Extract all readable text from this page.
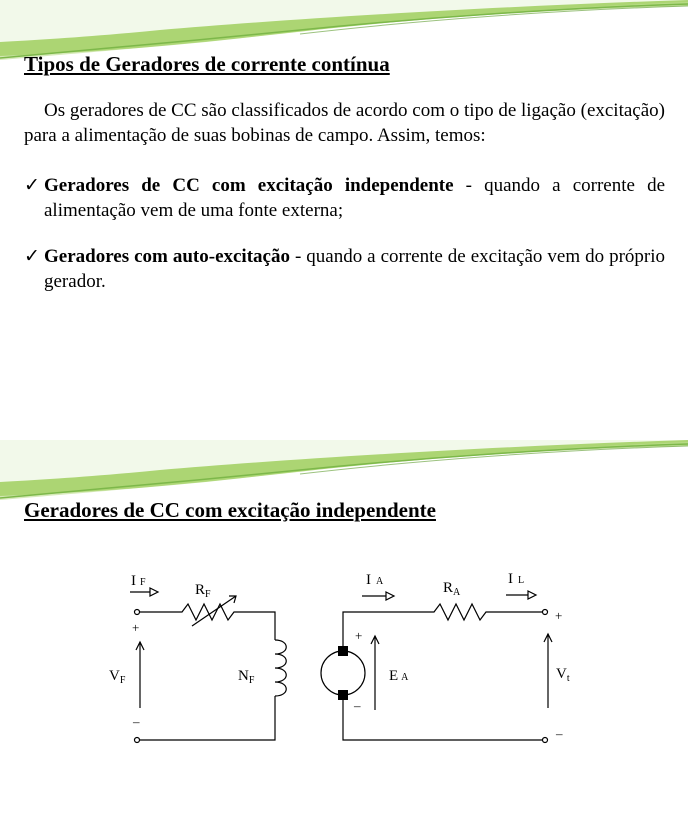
Tipos de Geradores de corrente contínua

Os geradores de CC são classificados de acordo com o tipo de ligação (excitação) para a alimentação de suas bobinas de campo. Assim, temos:

✓ Geradores de CC com excitação independente - quando a corrente de alimentação vem de uma fonte externa;
✓ Geradores com auto-excitação - quando a corrente de excitação vem do próprio gerador.
Geradores de CC com excitação independente
I F	$R_F$
+
$V_F$
–
$N_F$
I A	$R_A$
+
–
E A
I L
+
$V_t$
–
